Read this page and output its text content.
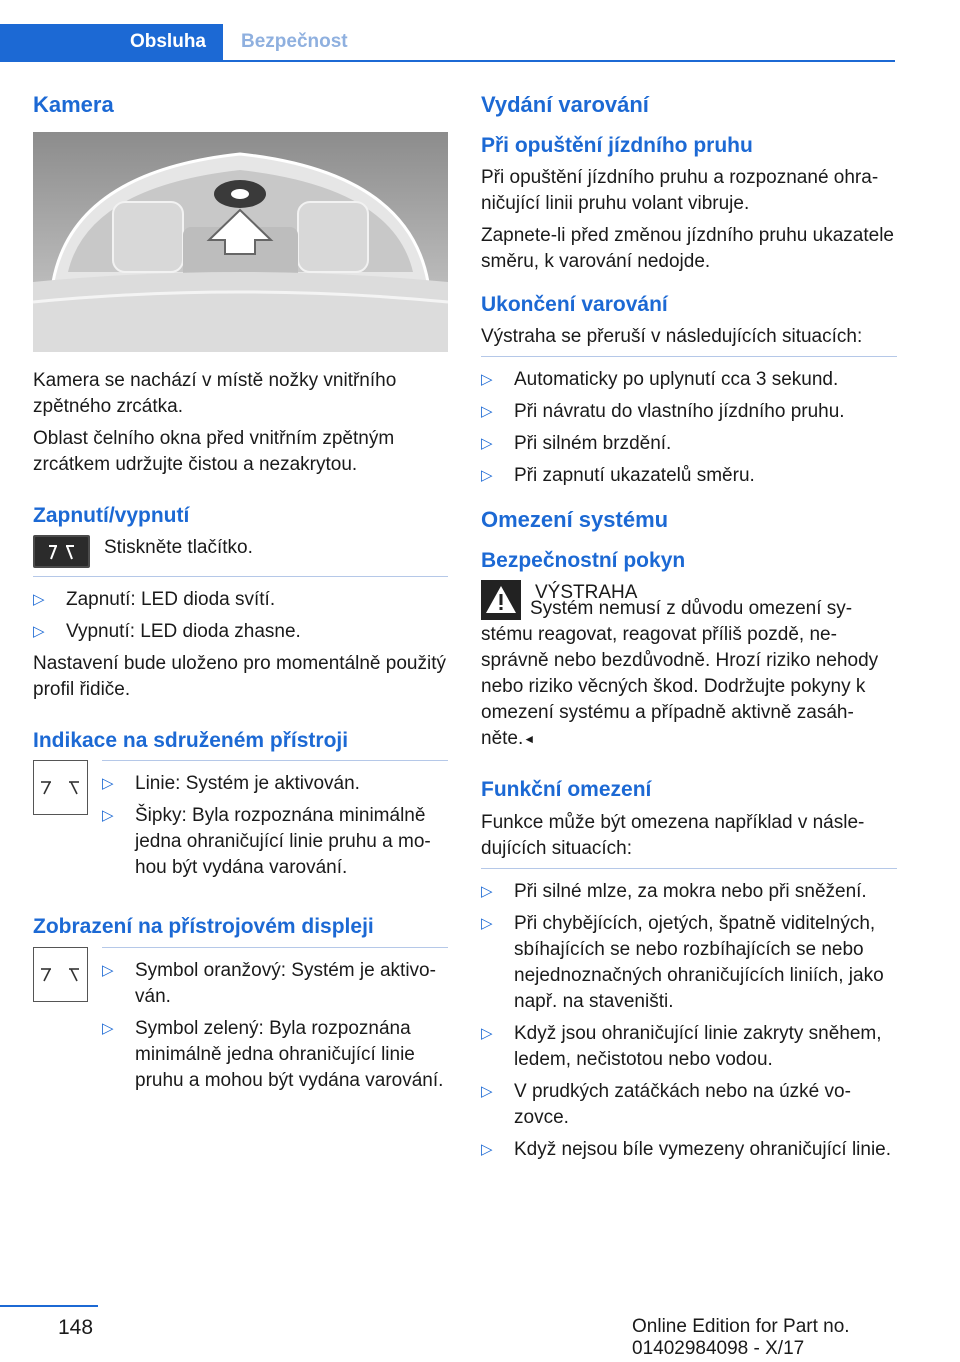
Obsluha	Bezpečnost
Kamera

Kamera se nachází v místě nožky vnitřního zpětného zrcátka.

Oblast čelního okna před vnitřním zpětným zrcátkem udržujte čistou a nezakrytou.

Zapnutí/vypnutí

Stiskněte tlačítko.

▷ Zapnutí: LED dioda svítí.
▷ Vypnutí: LED dioda zhasne.

Nastavení bude uloženo pro momentálně použitý profil řidiče.

Indikace na sdruženém přístroji
▷ Linie: Systém je aktivován.
▷ Šipky: Byla rozpoznána minimálně jedna ohraničující linie pruhu a mohou být vydána varování.
Zobrazení na přístrojovém displeji
▷ Symbol oranžový: Systém je aktivován.
▷ Symbol zelený: Byla rozpoznána minimálně jedna ohraničující linie pruhu a mohou být vydána varování.
Vydání varování
Při opuštění jízdního pruhu

Při opuštění jízdního pruhu a rozpoznané ohraničující linii pruhu volant vibruje.

Zapnete-li před změnou jízdního pruhu ukazatele směru, k varování nedojde.

Ukončení varování

Výstraha se přeruší v následujících situacích:

▷ Automaticky po uplynutí cca 3 sekund.
▷ Při návratu do vlastního jízdního pruhu.
▷ Při silném brzdění.
▷ Při zapnutí ukazatelů směru.
Omezení systému
Bezpečnostní pokyn

VÝSTRAHA

Systém nemusí z důvodu omezení systému reagovat, reagovat příliš pozdě, nesprávně nebo bezdůvodně. Hrozí riziko nehody nebo riziko věcných škod. Dodržujte pokyny k omezení systému a případně aktivně zasáhněte.◄

Funkční omezení

Funkce může být omezena například v následujících situacích:

▷ Při silné mlze, za mokra nebo při sněžení.
▷ Při chybějících, ojetých, špatně viditelných, sbíhajících se nebo rozbíhajících se nebo nejednoznačných ohraničujících liniích, jako např. na staveništi.
▷ Když jsou ohraničující linie zakryty sněhem, ledem, nečistotou nebo vodou.
▷ V prudkých zatáčkách nebo na úzké vozovce.
▷ Když nejsou bíle vymezeny ohraničující linie.
148	Online Edition for Part no. 01402984098 - X/17
